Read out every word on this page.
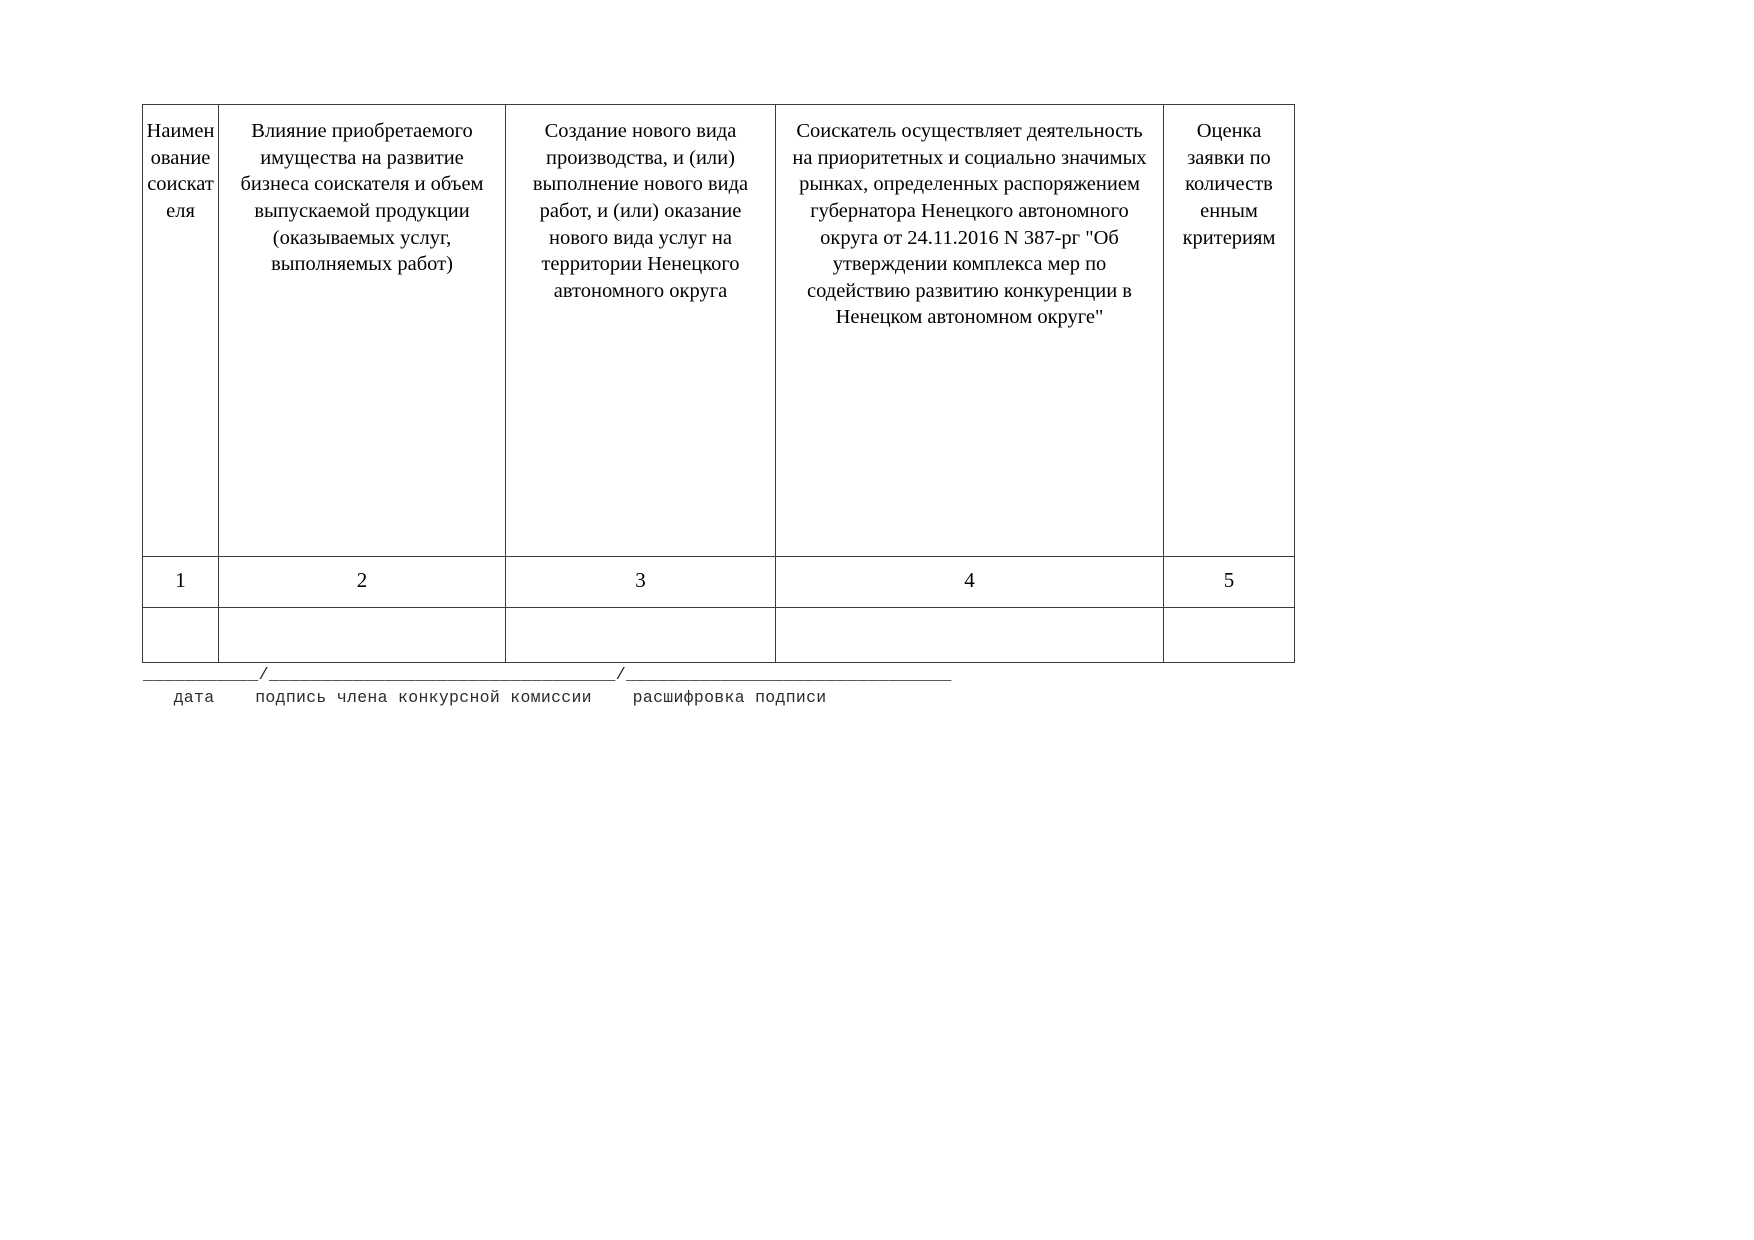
Наимен ование соискат еля	Влияние приобретаемого имущества на развитие бизнеса соискателя и объем выпускаемой продукции (оказываемых услуг, выполняемых работ)	Создание нового вида производства, и (или) выполнение нового вида работ, и (или) оказание нового вида услуг на территории Ненецкого автономного округа	Соискатель осуществляет деятельность на приоритетных и социально значимых рынках, определенных распоряжением губернатора Ненецкого автономного округа от 24.11.2016 N 387-рг "Об утверждении комплекса мер по содействию развитию конкуренции в Ненецком автономном округе"	Оценка заявки по количеств енным критериям
1	2	3	4	5

___________/_________________________________/_______________________________
дата    подпись члена конкурсной комиссии    расшифровка подписи
